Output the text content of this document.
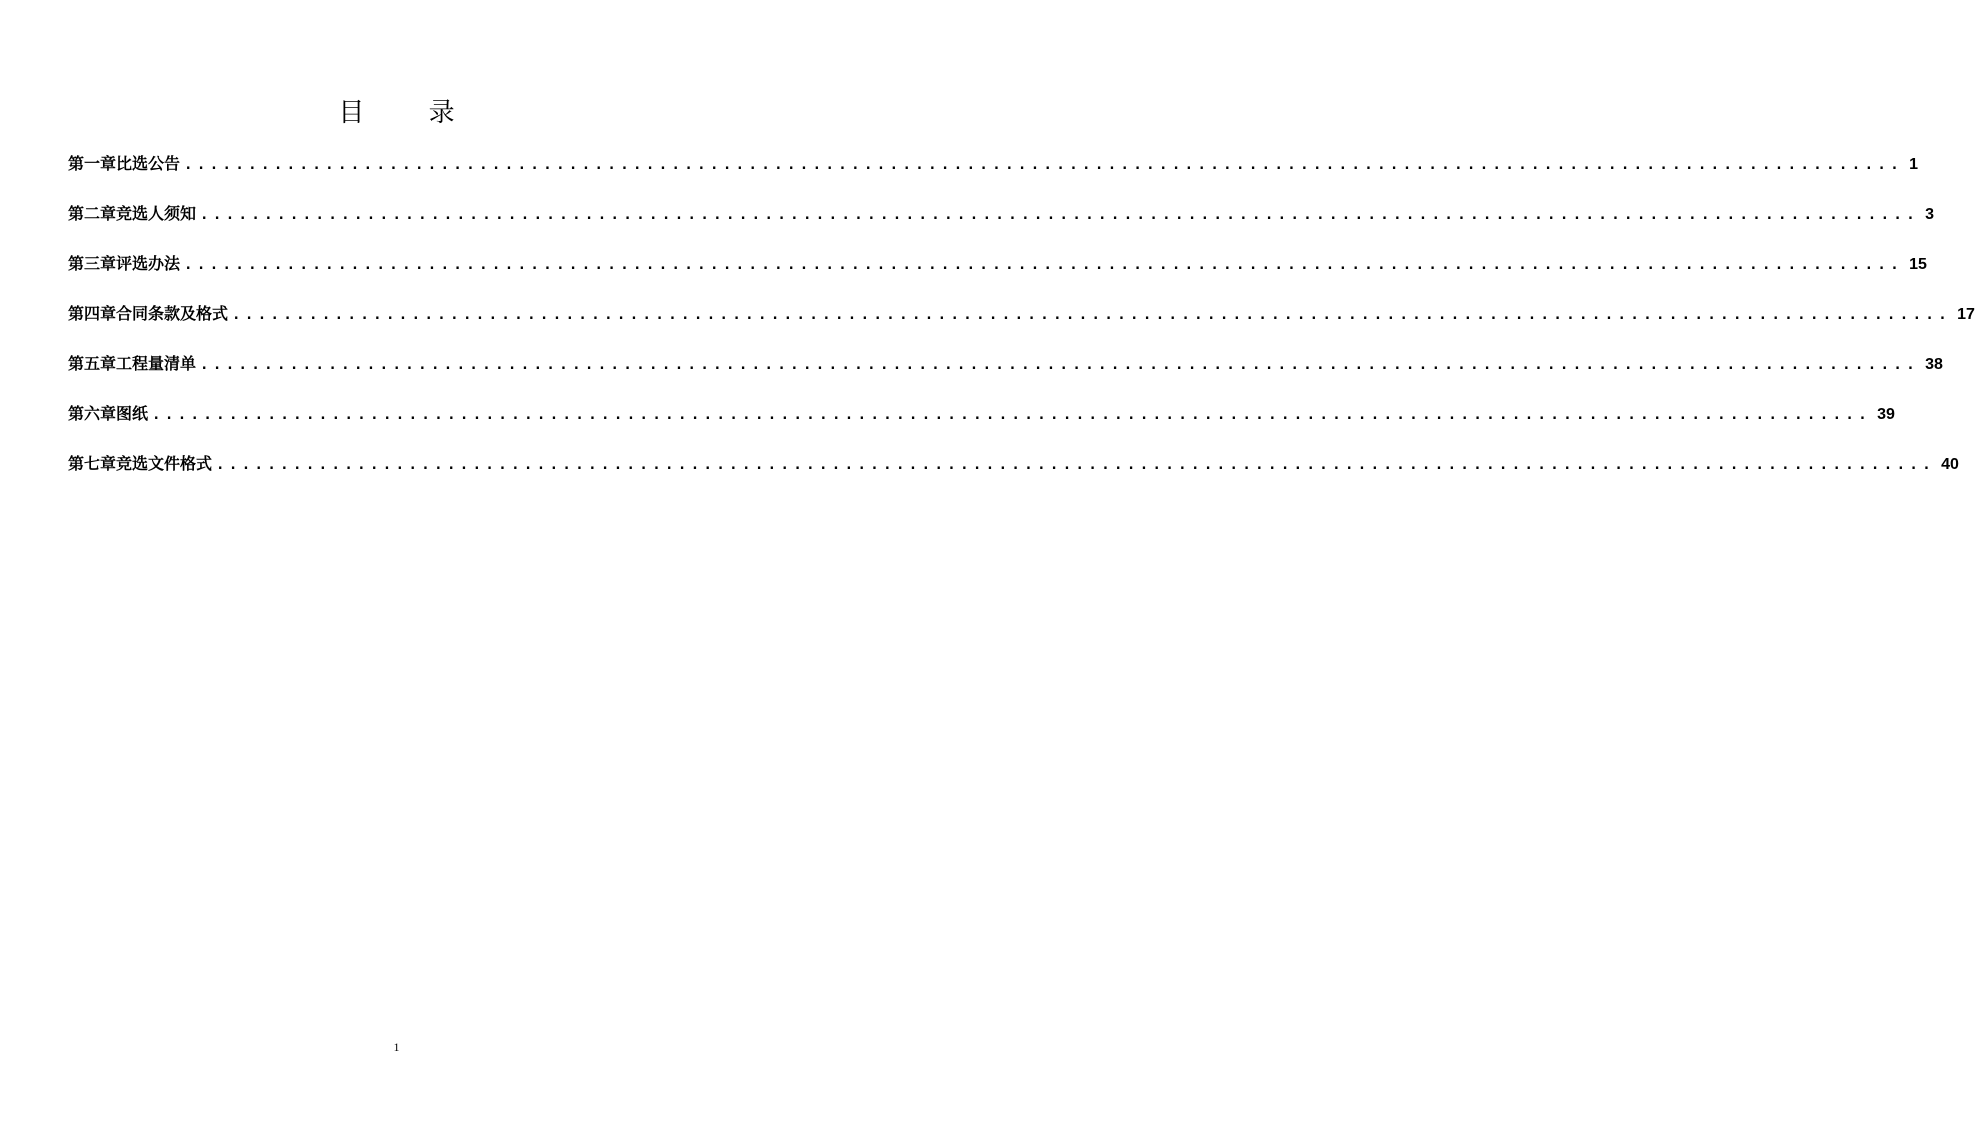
目 录
第一章 比选公告 ...................................................................................................................................... 1
第二章 竞选人须知 ...................................................................................................................................... 3
第三章 评选办法 ...................................................................................................................................... 15
第四章 合同条款及格式 ...................................................................................................................................... 17
第五章 工程量清单 ...................................................................................................................................... 38
第六章 图纸 ...................................................................................................................................... 39
第七章 竞选文件格式 ...................................................................................................................................... 40
1
